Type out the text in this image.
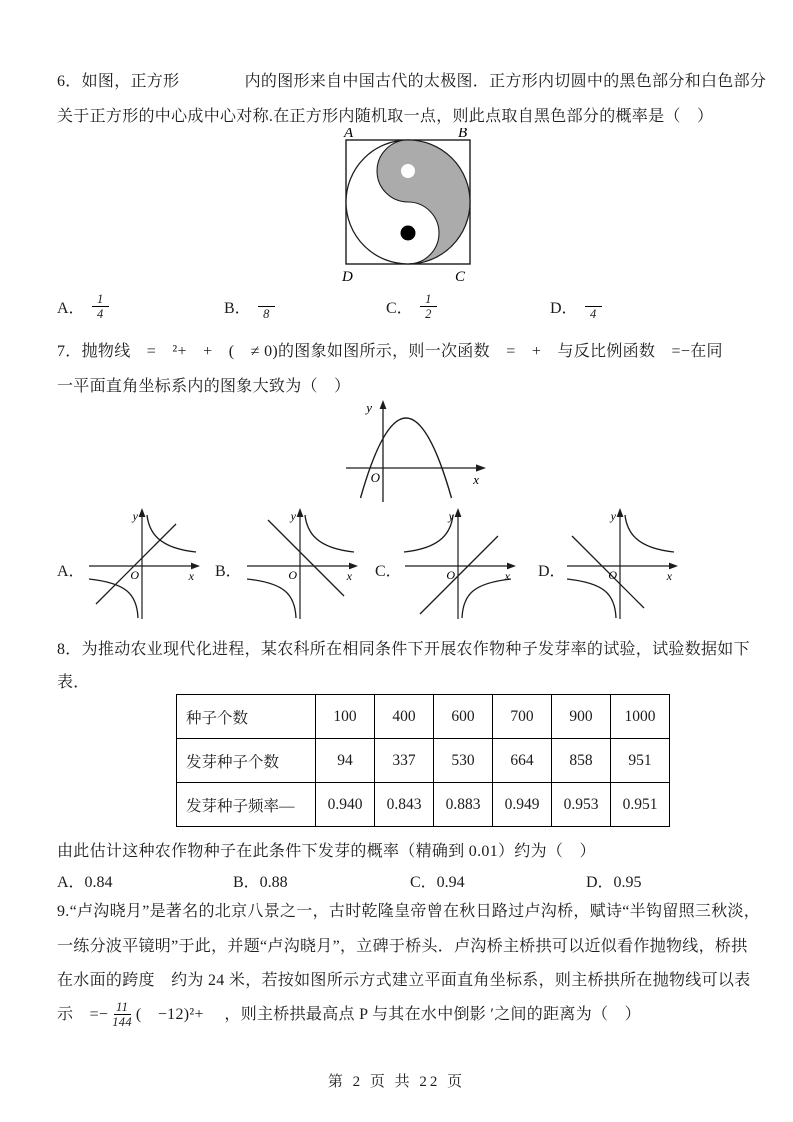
6．如图，正方形　　　　内的图形来自中国古代的太极图．正方形内切圆中的黑色部分和白色部分
关于正方形的中心成中心对称.在正方形内随机取一点，则此点取自黑色部分的概率是（　）
A	B
D	C
A． $\frac{1}{4}$	B． 8	C． $\frac{1}{2}$	D． 4
7．抛物线　=　²+　+　(　≠ 0)的图象如图所示，则一次函数　=　+　与反比例函数　=−在同
一平面直角坐标系内的图象大致为（　）
y
x
O
A．	B．	C．	D．
y
x
O
y
x
O
y
x
O
y
x
O
8．为推动农业现代化进程，某农科所在相同条件下开展农作物种子发芽率的试验，试验数据如下
表．
种子个数	100	400	600	700	900	1000
发芽种子个数	94	337	530	664	858	951
发芽种子频率—	0.940	0.843	0.883	0.949	0.953	0.951
由此估计这种农作物种子在此条件下发芽的概率（精确到 0.01）约为（　）
A．0.84	B．0.88	C．0.94	D．0.95
9.“卢沟晓月”是著名的北京八景之一，古时乾隆皇帝曾在秋日路过卢沟桥，赋诗“半钩留照三秋淡，
一练分波平镜明”于此，并题“卢沟晓月”，立碑于桥头．卢沟桥主桥拱可以近似看作抛物线，桥拱
在水面的跨度　约为 24 米，若按如图所示方式建立平面直角坐标系，则主桥拱所在抛物线可以表
示　=− $\frac{11}{144}$ (　−12)²+　 ，则主桥拱最高点 P 与其在水中倒影 ′之间的距离为（　）
第 2 页 共 22 页
